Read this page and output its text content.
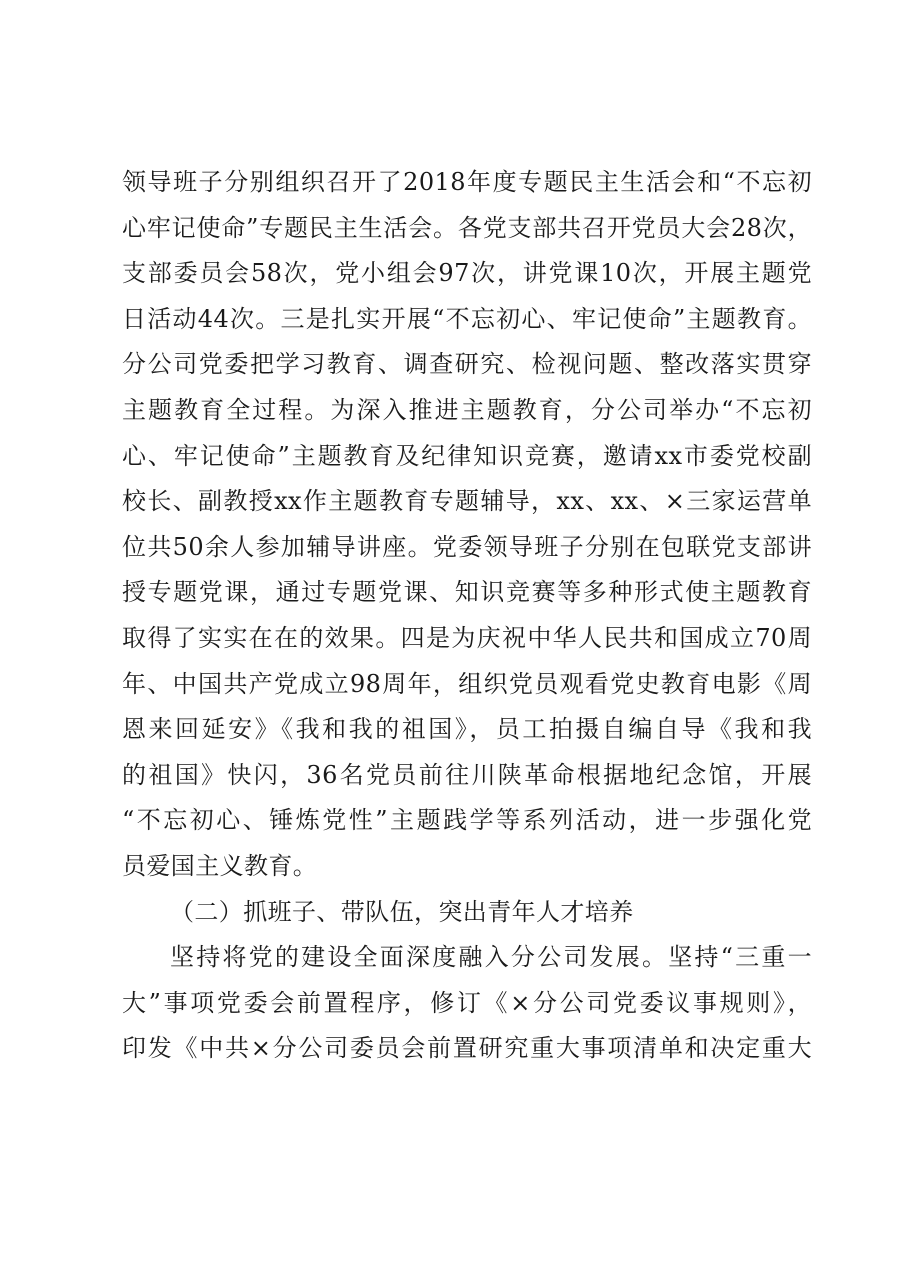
领导班子分别组织召开了2018年度专题民主生活会和“不忘初
心牢记使命”专题民主生活会。各党支部共召开党员大会28次，
支部委员会58次，党小组会97次，讲党课10次，开展主题党
日活动44次。三是扎实开展“不忘初心、牢记使命”主题教育。
分公司党委把学习教育、调查研究、检视问题、整改落实贯穿
主题教育全过程。为深入推进主题教育，分公司举办“不忘初
心、牢记使命”主题教育及纪律知识竞赛，邀请xx市委党校副
校长、副教授xx作主题教育专题辅导，xx、xx、×三家运营单
位共50余人参加辅导讲座。党委领导班子分别在包联党支部讲
授专题党课，通过专题党课、知识竞赛等多种形式使主题教育
取得了实实在在的效果。四是为庆祝中华人民共和国成立70周
年、中国共产党成立98周年，组织党员观看党史教育电影《周
恩来回延安》《我和我的祖国》，员工拍摄自编自导《我和我
的祖国》快闪，36名党员前往川陕革命根据地纪念馆，开展
“不忘初心、锤炼党性”主题践学等系列活动，进一步强化党
员爱国主义教育。
（二）抓班子、带队伍，突出青年人才培养
坚持将党的建设全面深度融入分公司发展。坚持“三重一
大”事项党委会前置程序，修订《×分公司党委议事规则》，
印发《中共×分公司委员会前置研究重大事项清单和决定重大
